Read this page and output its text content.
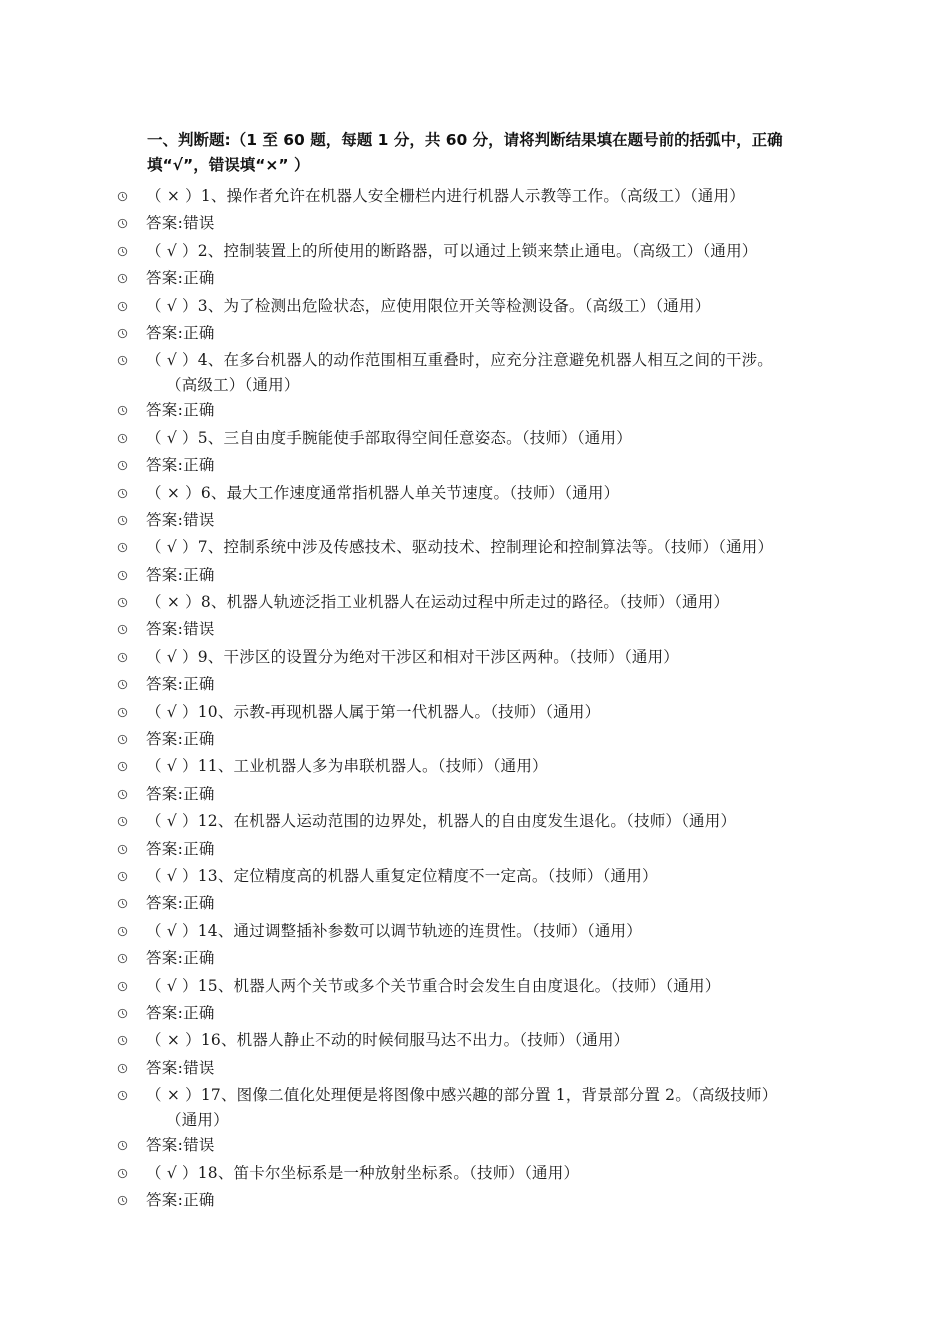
一、判断题:（1 至 60 题，每题 1 分，共 60 分，请将判断结果填在题号前的括弧中，正确填“√”，错误填“×” ）
（ × ）1、操作者允许在机器人安全栅栏内进行机器人示教等工作。（高级工）（通用）
答案:错误
（ √ ）2、控制装置上的所使用的断路器，可以通过上锁来禁止通电。（高级工）（通用）
答案:正确
（ √ ）3、为了检测出危险状态，应使用限位开关等检测设备。（高级工）（通用）
答案:正确
（ √ ）4、在多台机器人的动作范围相互重叠时，应充分注意避免机器人相互之间的干涉。
（高级工）（通用）
答案:正确
（ √ ）5、三自由度手腕能使手部取得空间任意姿态。（技师）（通用）
答案:正确
（ × ）6、最大工作速度通常指机器人单关节速度。（技师）（通用）
答案:错误
（ √ ）7、控制系统中涉及传感技术、驱动技术、控制理论和控制算法等。（技师）（通用）
答案:正确
（ × ）8、机器人轨迹泛指工业机器人在运动过程中所走过的路径。（技师）（通用）
答案:错误
（ √ ）9、干涉区的设置分为绝对干涉区和相对干涉区两种。（技师）（通用）
答案:正确
（ √ ）10、示教-再现机器人属于第一代机器人。（技师）（通用）
答案:正确
（ √ ）11、工业机器人多为串联机器人。（技师）（通用）
答案:正确
（ √ ）12、在机器人运动范围的边界处，机器人的自由度发生退化。（技师）（通用）
答案:正确
（ √ ）13、定位精度高的机器人重复定位精度不一定高。（技师）（通用）
答案:正确
（ √ ）14、通过调整插补参数可以调节轨迹的连贯性。（技师）（通用）
答案:正确
（ √ ）15、机器人两个关节或多个关节重合时会发生自由度退化。（技师）（通用）
答案:正确
（ × ）16、机器人静止不动的时候伺服马达不出力。（技师）（通用）
答案:错误
（ × ）17、图像二值化处理便是将图像中感兴趣的部分置 1，背景部分置 2。（高级技师）
（通用）
答案:错误
（ √ ）18、笛卡尔坐标系是一种放射坐标系。（技师）（通用）
答案:正确
